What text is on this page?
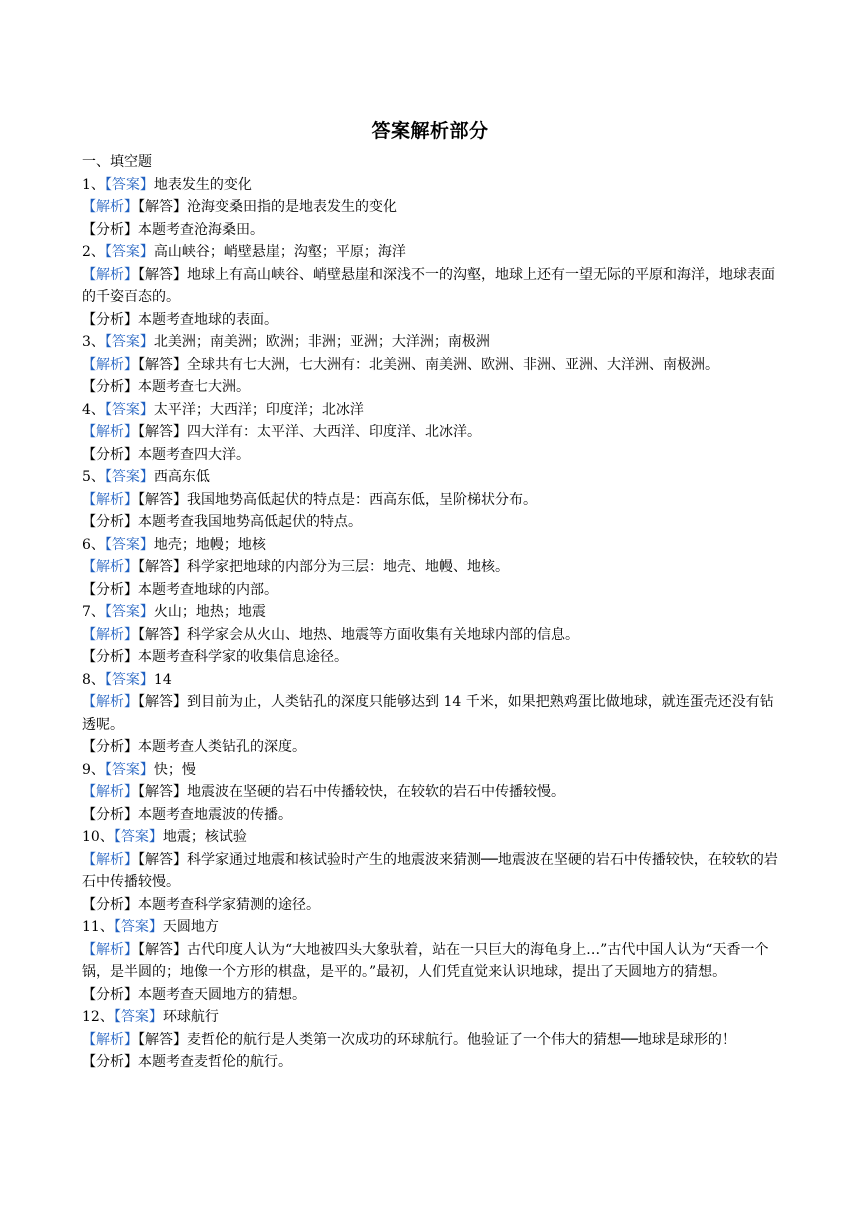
答案解析部分
一、填空题
1、【答案】地表发生的变化
【解析】【解答】沧海变桑田指的是地表发生的变化
【分析】本题考查沧海桑田。
2、【答案】高山峡谷；峭壁悬崖；沟壑；平原；海洋
【解析】【解答】地球上有高山峡谷、峭壁悬崖和深浅不一的沟壑，地球上还有一望无际的平原和海洋，地球表面的千姿百态的。
【分析】本题考查地球的表面。
3、【答案】北美洲；南美洲；欧洲；非洲；亚洲；大洋洲；南极洲
【解析】【解答】全球共有七大洲，七大洲有：北美洲、南美洲、欧洲、非洲、亚洲、大洋洲、南极洲。
【分析】本题考查七大洲。
4、【答案】太平洋；大西洋；印度洋；北冰洋
【解析】【解答】四大洋有：太平洋、大西洋、印度洋、北冰洋。
【分析】本题考查四大洋。
5、【答案】西高东低
【解析】【解答】我国地势高低起伏的特点是：西高东低，呈阶梯状分布。
【分析】本题考查我国地势高低起伏的特点。
6、【答案】地壳；地幔；地核
【解析】【解答】科学家把地球的内部分为三层：地壳、地幔、地核。
【分析】本题考查地球的内部。
7、【答案】火山；地热；地震
【解析】【解答】科学家会从火山、地热、地震等方面收集有关地球内部的信息。
【分析】本题考查科学家的收集信息途径。
8、【答案】14
【解析】【解答】到目前为止，人类钻孔的深度只能够达到 14 千米，如果把熟鸡蛋比做地球，就连蛋壳还没有钻透呢。
【分析】本题考查人类钻孔的深度。
9、【答案】快；慢
【解析】【解答】地震波在坚硬的岩石中传播较快，在较软的岩石中传播较慢。
【分析】本题考查地震波的传播。
10、【答案】地震；核试验
【解析】【解答】科学家通过地震和核试验时产生的地震波来猜测──地震波在坚硬的岩石中传播较快，在较软的岩石中传播较慢。
【分析】本题考查科学家猜测的途径。
11、【答案】天圆地方
【解析】【解答】古代印度人认为“大地被四头大象驮着，站在一只巨大的海龟身上…”古代中国人认为“天香一个锅，是半圆的；地像一个方形的棋盘，是平的。”最初，人们凭直觉来认识地球，提出了天圆地方的猜想。
【分析】本题考查天圆地方的猜想。
12、【答案】环球航行
【解析】【解答】麦哲伦的航行是人类第一次成功的环球航行。他验证了一个伟大的猜想──地球是球形的！
【分析】本题考查麦哲伦的航行。
